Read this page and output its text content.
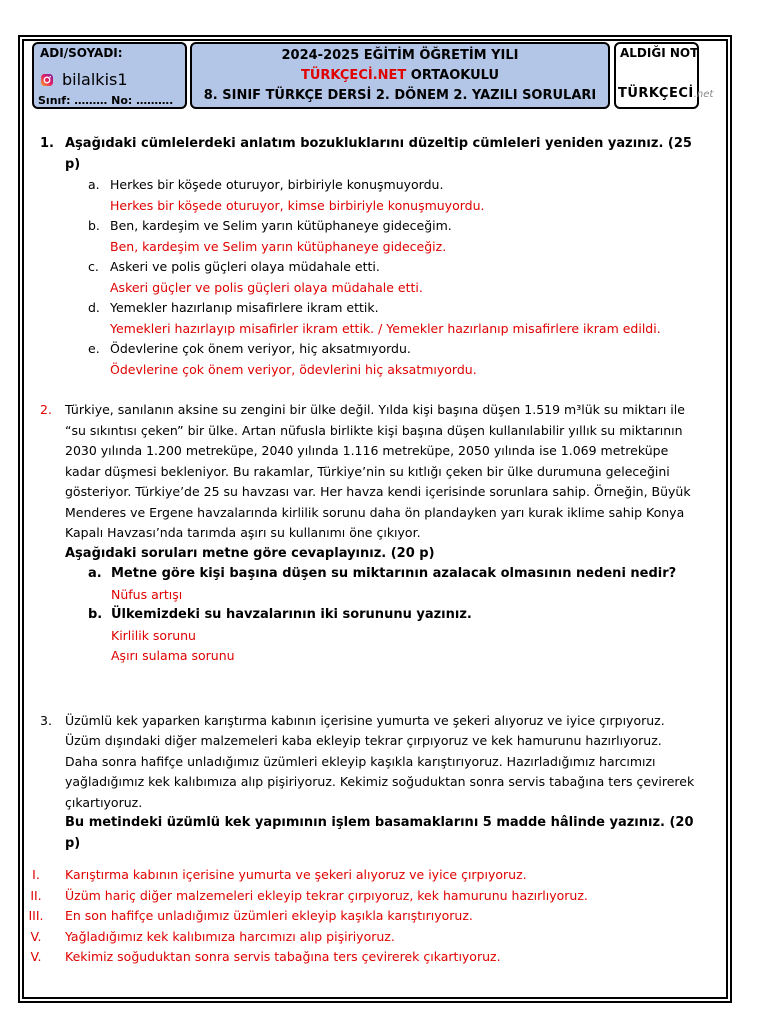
ADI/SOYADI:
bilalkis1
Sınıf: ……… No: ……….
2024-2025 EĞİTİM ÖĞRETİM YILI
TÜRKÇECİ.NET ORTAOKULU
8. SINIF TÜRKÇE DERSİ 2. DÖNEM 2. YAZILI SORULARI
ALDIĞI NOT
TÜRKÇECİ.net
1. Aşağıdaki cümlelerdeki anlatım bozukluklarını düzeltip cümleleri yeniden yazınız. (25 p)
a. Herkes bir köşede oturuyor, birbiriyle konuşmuyordu.
Herkes bir köşede oturuyor, kimse birbiriyle konuşmuyordu.
b. Ben, kardeşim ve Selim yarın kütüphaneye gideceğim.
Ben, kardeşim ve Selim yarın kütüphaneye gideceğiz.
c. Askeri ve polis güçleri olaya müdahale etti.
Askeri güçler ve polis güçleri olaya müdahale etti.
d. Yemekler hazırlanıp misafirlere ikram ettik.
Yemekleri hazırlayıp misafirler ikram ettik. / Yemekler hazırlanıp misafirlere ikram edildi.
e. Ödevlerine çok önem veriyor, hiç aksatmıyordu.
Ödevlerine çok önem veriyor, ödevlerini hiç aksatmıyordu.
2. Türkiye, sanılanın aksine su zengini bir ülke değil. Yılda kişi başına düşen 1.519 m³lük su miktarı ile “su sıkıntısı çeken” bir ülke. Artan nüfusla birlikte kişi başına düşen kullanılabilir yıllık su miktarının 2030 yılında 1.200 metreküpe, 2040 yılında 1.116 metreküpe, 2050 yılında ise 1.069 metreküpe kadar düşmesi bekleniyor. Bu rakamlar, Türkiye’nin su kıtlığı çeken bir ülke durumuna geleceğini gösteriyor. Türkiye’de 25 su havzası var. Her havza kendi içerisinde sorunlara sahip. Örneğin, Büyük Menderes ve Ergene havzalarında kirlilik sorunu daha ön plandayken yarı kurak iklime sahip Konya Kapalı Havzası’nda tarımda aşırı su kullanımı öne çıkıyor.
Aşağıdaki soruları metne göre cevaplayınız. (20 p)
a. Metne göre kişi başına düşen su miktarının azalacak olmasının nedeni nedir?
Nüfus artışı
b. Ülkemizdeki su havzalarının iki sorununu yazınız.
Kirlilik sorunu
Aşırı sulama sorunu
3. Üzümlü kek yaparken karıştırma kabının içerisine yumurta ve şekeri alıyoruz ve iyice çırpıyoruz. Üzüm dışındaki diğer malzemeleri kaba ekleyip tekrar çırpıyoruz ve kek hamurunu hazırlıyoruz. Daha sonra hafifçe unladığımız üzümleri ekleyip kaşıkla karıştırıyoruz. Hazırladığımız harcımızı yağladığımız kek kalıbımıza alıp pişiriyoruz. Kekimiz soğuduktan sonra servis tabağına ters çevirerek çıkartıyoruz.
Bu metindeki üzümlü kek yapımının işlem basamaklarını 5 madde hâlinde yazınız. (20 p)
I.	Karıştırma kabının içerisine yumurta ve şekeri alıyoruz ve iyice çırpıyoruz.
II.	Üzüm hariç diğer malzemeleri ekleyip tekrar çırpıyoruz, kek hamurunu hazırlıyoruz.
III.	En son hafifçe unladığımız üzümleri ekleyip kaşıkla karıştırıyoruz.
V.	Yağladığımız kek kalıbımıza harcımızı alıp pişiriyoruz.
V.	Kekimiz soğuduktan sonra servis tabağına ters çevirerek çıkartıyoruz.
